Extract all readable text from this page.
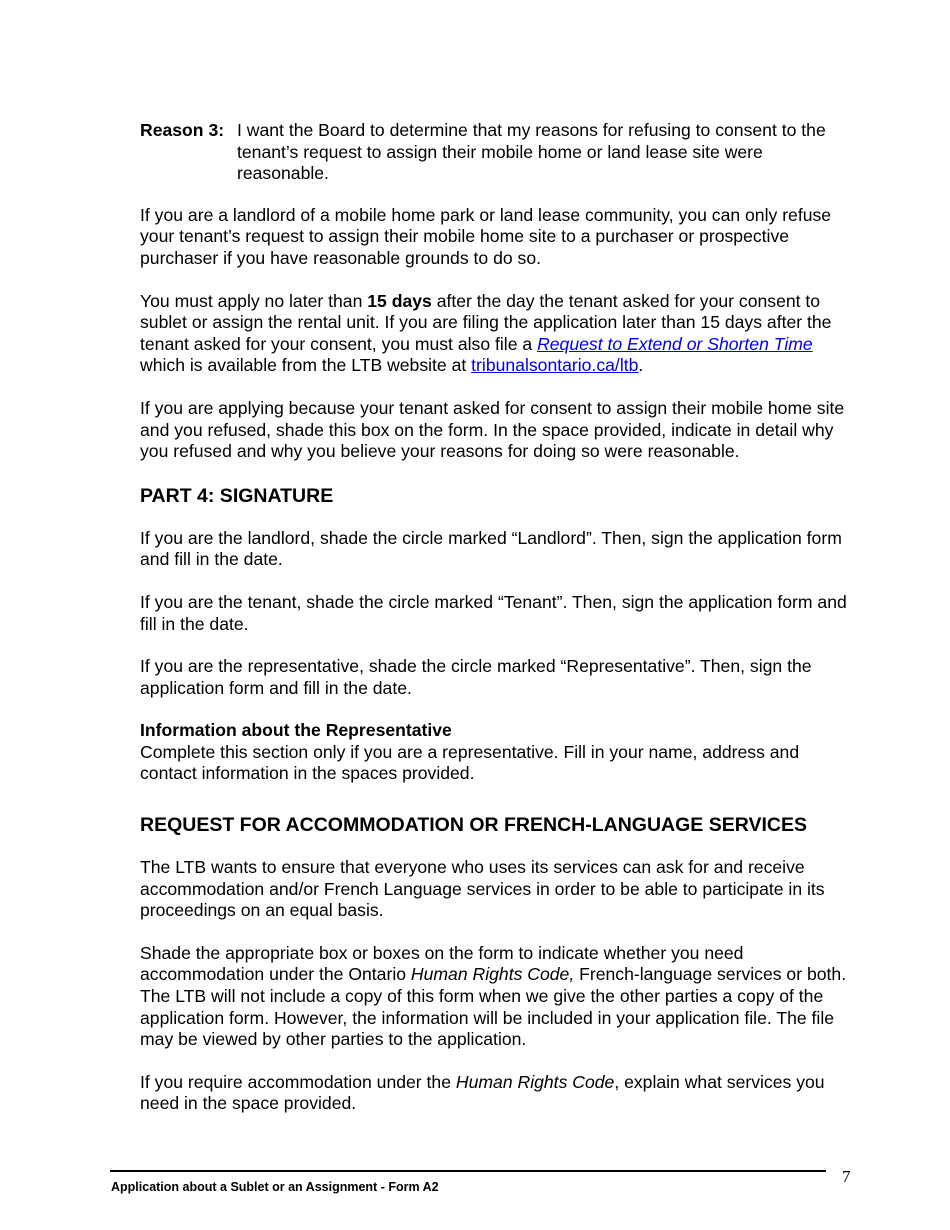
Reason 3: I want the Board to determine that my reasons for refusing to consent to the tenant’s request to assign their mobile home or land lease site were reasonable.

If you are a landlord of a mobile home park or land lease community, you can only refuse your tenant’s request to assign their mobile home site to a purchaser or prospective purchaser if you have reasonable grounds to do so.

You must apply no later than 15 days after the day the tenant asked for your consent to sublet or assign the rental unit. If you are filing the application later than 15 days after the tenant asked for your consent, you must also file a Request to Extend or Shorten Time which is available from the LTB website at tribunalsontario.ca/ltb.

If you are applying because your tenant asked for consent to assign their mobile home site and you refused, shade this box on the form. In the space provided, indicate in detail why you refused and why you believe your reasons for doing so were reasonable.

PART 4: SIGNATURE

If you are the landlord, shade the circle marked “Landlord”. Then, sign the application form and fill in the date.

If you are the tenant, shade the circle marked “Tenant”. Then, sign the application form and fill in the date.

If you are the representative, shade the circle marked “Representative”. Then, sign the application form and fill in the date.

Information about the Representative

Complete this section only if you are a representative. Fill in your name, address and contact information in the spaces provided.

REQUEST FOR ACCOMMODATION OR FRENCH-LANGUAGE SERVICES

The LTB wants to ensure that everyone who uses its services can ask for and receive accommodation and/or French Language services in order to be able to participate in its proceedings on an equal basis.

Shade the appropriate box or boxes on the form to indicate whether you need accommodation under the Ontario Human Rights Code, French-language services or both. The LTB will not include a copy of this form when we give the other parties a copy of the application form. However, the information will be included in your application file. The file may be viewed by other parties to the application.

If you require accommodation under the Human Rights Code, explain what services you need in the space provided.

Application about a Sublet or an Assignment - Form A2
7
